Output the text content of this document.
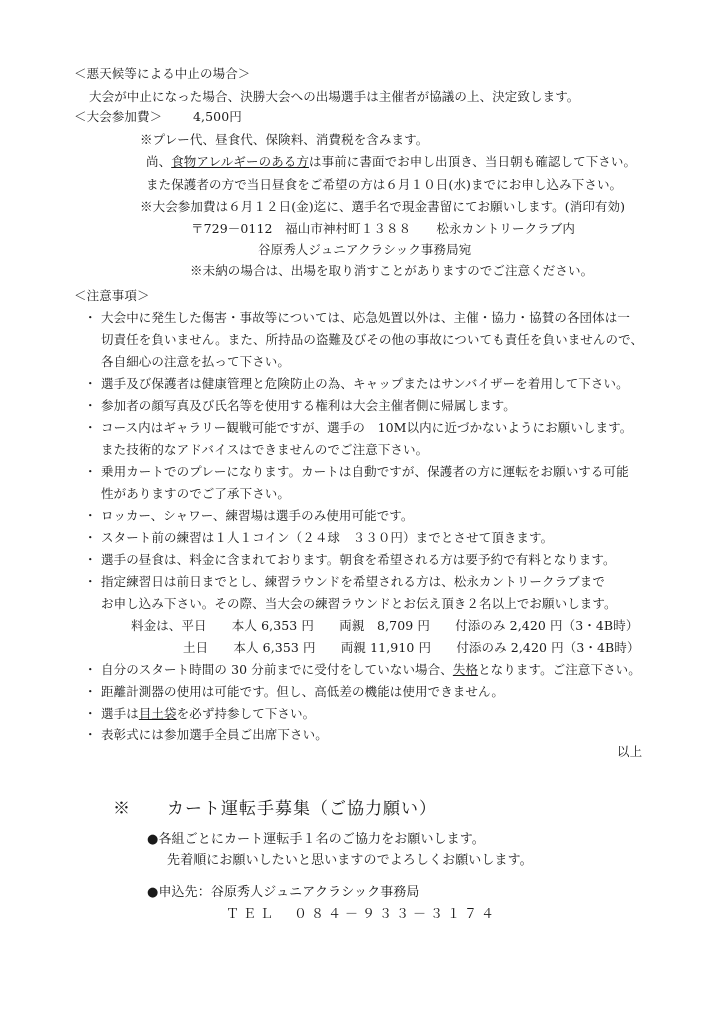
＜悪天候等による中止の場合＞
大会が中止になった場合、決勝大会への出場選手は主催者が協議の上、決定致します。
＜大会参加費＞ 4,500円
※プレー代、昼食代、保険料、消費税を含みます。
尚、食物アレルギーのある方は事前に書面でお申し出頂き、当日朝も確認して下さい。
また保護者の方で当日昼食をご希望の方は６月１０日(水)までにお申し込み下さい。
※大会参加費は６月１２日(金)迄に、選手名で現金書留にてお願いします。(消印有効)
〒729－0112　福山市神村町１３８８　　松永カントリークラブ内
谷原秀人ジュニアクラシック事務局宛
※未納の場合は、出場を取り消すことがありますのでご注意ください。
＜注意事項＞
・ 大会中に発生した傷害・事故等については、応急処置以外は、主催・協力・協賛の各団体は一
切責任を負いません。また、所持品の盗難及びその他の事故についても責任を負いませんので、
各自細心の注意を払って下さい。
・ 選手及び保護者は健康管理と危険防止の為、キャップまたはサンバイザーを着用して下さい。
・ 参加者の顔写真及び氏名等を使用する権利は大会主催者側に帰属します。
・ コース内はギャラリー観戦可能ですが、選手の　10M以内に近づかないようにお願いします。
また技術的なアドバイスはできませんのでご注意下さい。
・ 乗用カートでのプレーになります。カートは自動ですが、保護者の方に運転をお願いする可能
性がありますのでご了承下さい。
・ ロッカー、シャワー、練習場は選手のみ使用可能です。
・ スタート前の練習は１人１コイン（２４球　３３０円）までとさせて頂きます。
・ 選手の昼食は、料金に含まれております。朝食を希望される方は要予約で有料となります。
・ 指定練習日は前日までとし、練習ラウンドを希望される方は、松永カントリークラブまで
お申し込み下さい。その際、当大会の練習ラウンドとお伝え頂き２名以上でお願いします。
料金は、平日　　本人 6,353 円　　両親　8,709 円　　付添のみ 2,420 円（3・4B時）
土日　　本人 6,353 円　　両親 11,910 円　　付添のみ 2,420 円（3・4B時）
・ 自分のスタート時間の 30 分前までに受付をしていない場合、失格となります。ご注意下さい。
・ 距離計測器の使用は可能です。但し、高低差の機能は使用できません。
・ 選手は目土袋を必ず持参して下さい。
・ 表彰式には参加選手全員ご出席下さい。
以上
※　　カート運転手募集（ご協力願い）
●各組ごとにカート運転手１名のご協力をお願いします。
先着順にお願いしたいと思いますのでよろしくお願いします。
●申込先：谷原秀人ジュニアクラシック事務局
ＴＥＬ　０８４－９３３－３１７４
